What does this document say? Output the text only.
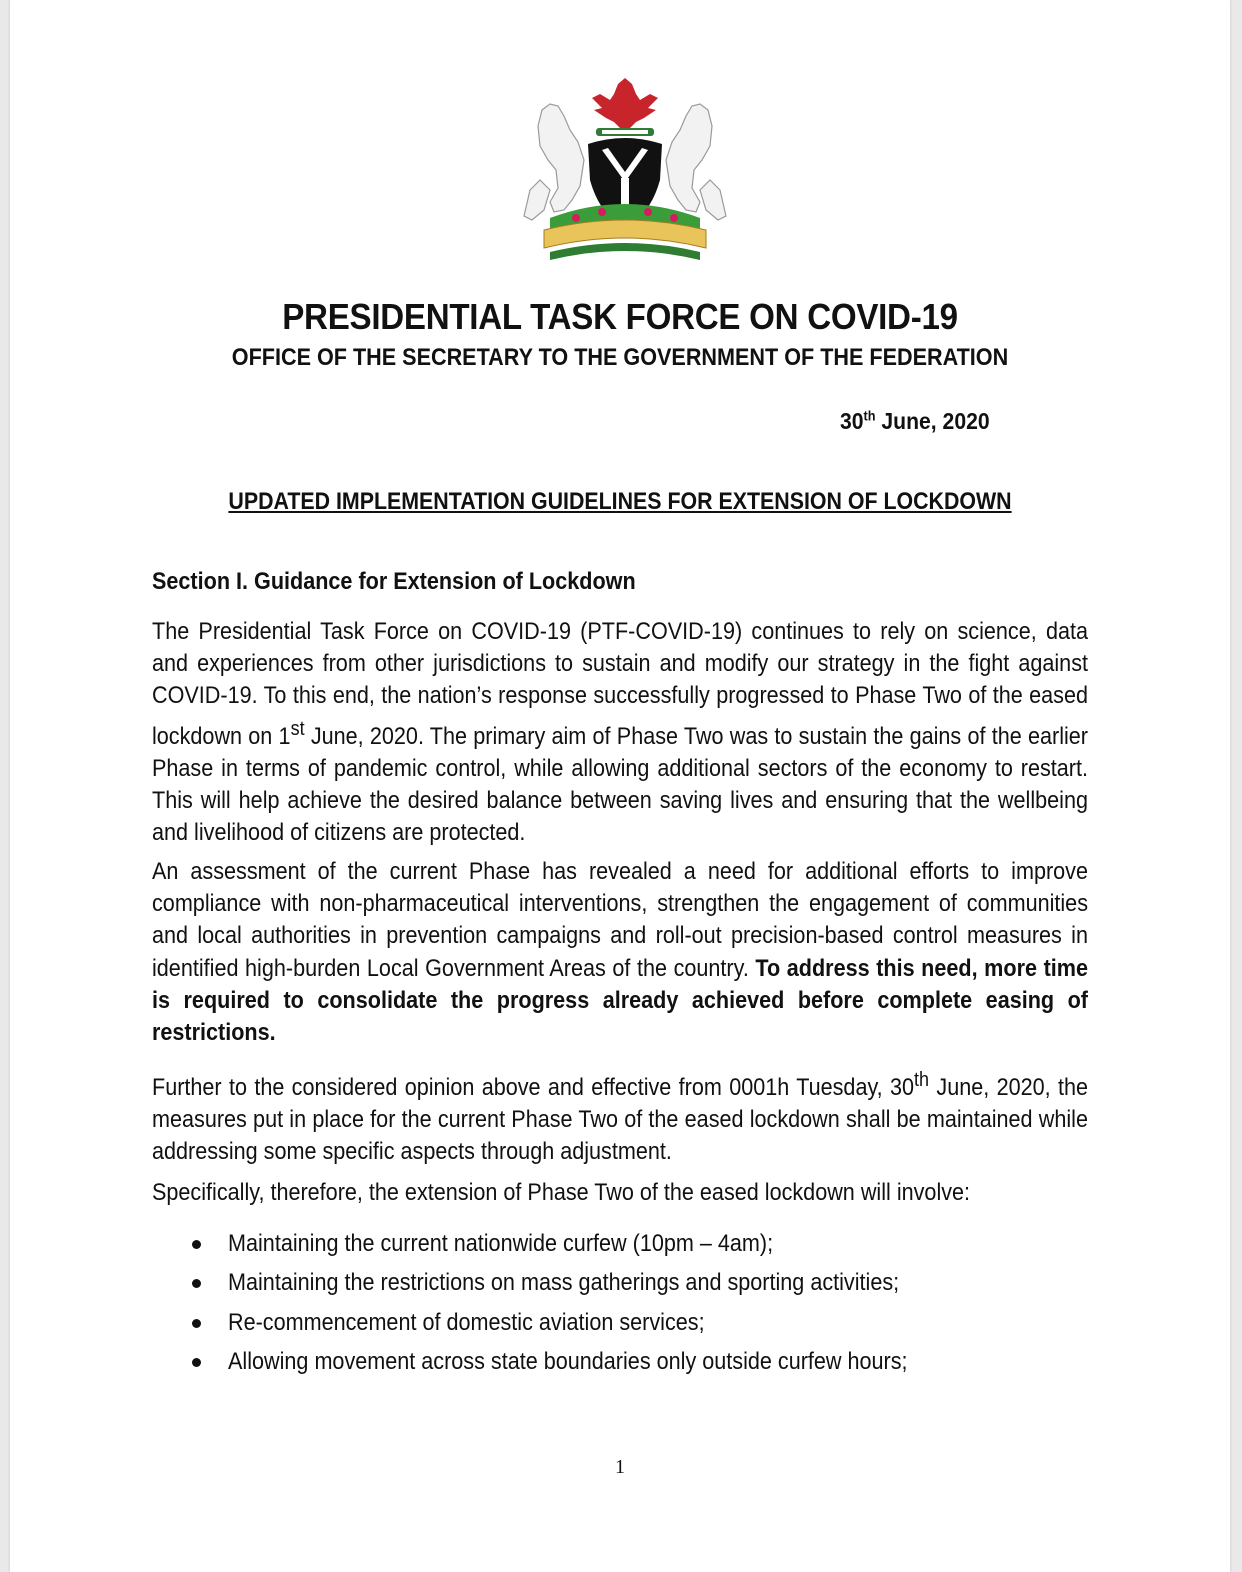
PRESIDENTIAL TASK FORCE ON COVID-19
OFFICE OF THE SECRETARY TO THE GOVERNMENT OF THE FEDERATION
30th June, 2020
UPDATED IMPLEMENTATION GUIDELINES FOR EXTENSION OF LOCKDOWN
Section I. Guidance for Extension of Lockdown
The Presidential Task Force on COVID-19 (PTF-COVID-19) continues to rely on science, data and experiences from other jurisdictions to sustain and modify our strategy in the fight against COVID-19. To this end, the nation’s response successfully progressed to Phase Two of the eased lockdown on 1st June, 2020. The primary aim of Phase Two was to sustain the gains of the earlier Phase in terms of pandemic control, while allowing additional sectors of the economy to restart. This will help achieve the desired balance between saving lives and ensuring that the wellbeing and livelihood of citizens are protected.
An assessment of the current Phase has revealed a need for additional efforts to improve compliance with non-pharmaceutical interventions, strengthen the engagement of communities and local authorities in prevention campaigns and roll-out precision-based control measures in identified high-burden Local Government Areas of the country. To address this need, more time is required to consolidate the progress already achieved before complete easing of restrictions.
Further to the considered opinion above and effective from 0001h Tuesday, 30th June, 2020, the measures put in place for the current Phase Two of the eased lockdown shall be maintained while addressing some specific aspects through adjustment.
Specifically, therefore, the extension of Phase Two of the eased lockdown will involve:
Maintaining the current nationwide curfew (10pm – 4am);
Maintaining the restrictions on mass gatherings and sporting activities;
Re-commencement of domestic aviation services;
Allowing movement across state boundaries only outside curfew hours;
1
